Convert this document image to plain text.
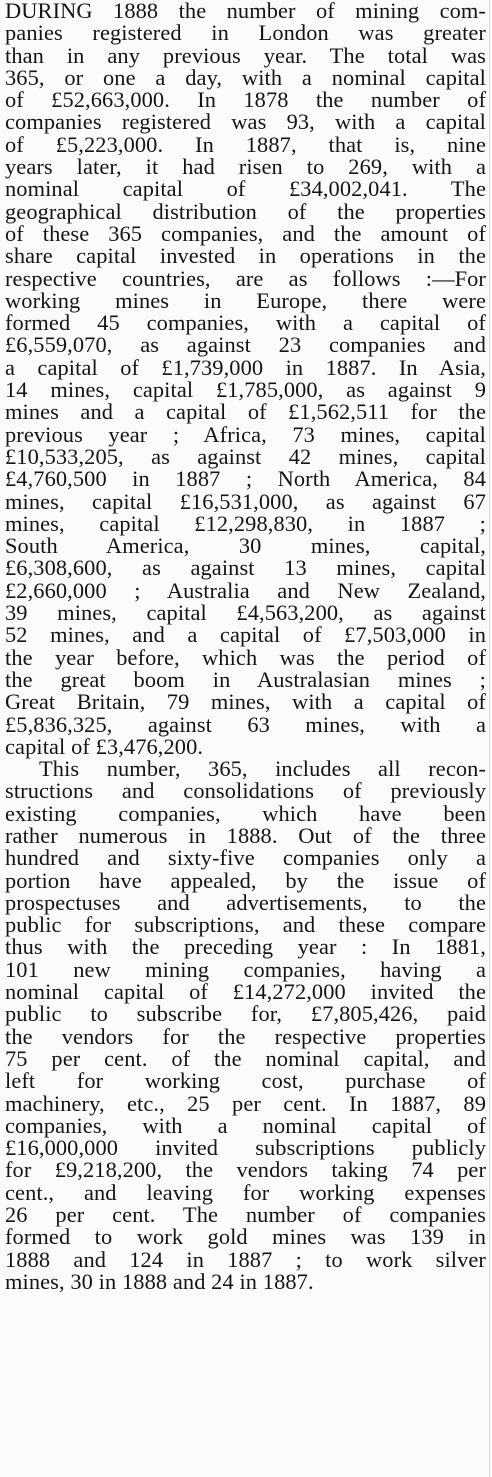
DURING 1888 the number of mining com-
panies registered in London was greater
than in any previous year. The total was
365, or one a day, with a nominal capital
of £52,663,000. In 1878 the number of
companies registered was 93, with a capital
of £5,223,000. In 1887, that is, nine
years later, it had risen to 269, with a
nominal capital of £34,002,041. The
geographical distribution of the properties
of these 365 companies, and the amount of
share capital invested in operations in the
respective countries, are as follows :—For
working mines in Europe, there were
formed 45 companies, with a capital of
£6,559,070, as against 23 companies and
a capital of £1,739,000 in 1887. In Asia,
14 mines, capital £1,785,000, as against 9
mines and a capital of £1,562,511 for the
previous year ; Africa, 73 mines, capital
£10,533,205, as against 42 mines, capital
£4,760,500 in 1887 ; North America, 84
mines, capital £16,531,000, as against 67
mines, capital £12,298,830, in 1887 ;
South America, 30 mines, capital,
£6,308,600, as against 13 mines, capital
£2,660,000 ; Australia and New Zealand,
39 mines, capital £4,563,200, as against
52 mines, and a capital of £7,503,000 in
the year before, which was the period of
the great boom in Australasian mines ;
Great Britain, 79 mines, with a capital of
£5,836,325, against 63 mines, with a
capital of £3,476,200.
This number, 365, includes all recon-
structions and consolidations of previously
existing companies, which have been
rather numerous in 1888. Out of the three
hundred and sixty-five companies only a
portion have appealed, by the issue of
prospectuses and advertisements, to the
public for subscriptions, and these compare
thus with the preceding year : In 1881,
101 new mining companies, having a
nominal capital of £14,272,000 invited the
public to subscribe for, £7,805,426, paid
the vendors for the respective properties
75 per cent. of the nominal capital, and
left for working cost, purchase of
machinery, etc., 25 per cent. In 1887, 89
companies, with a nominal capital of
£16,000,000 invited subscriptions publicly
for £9,218,200, the vendors taking 74 per
cent., and leaving for working expenses
26 per cent. The number of companies
formed to work gold mines was 139 in
1888 and 124 in 1887 ; to work silver
mines, 30 in 1888 and 24 in 1887.
